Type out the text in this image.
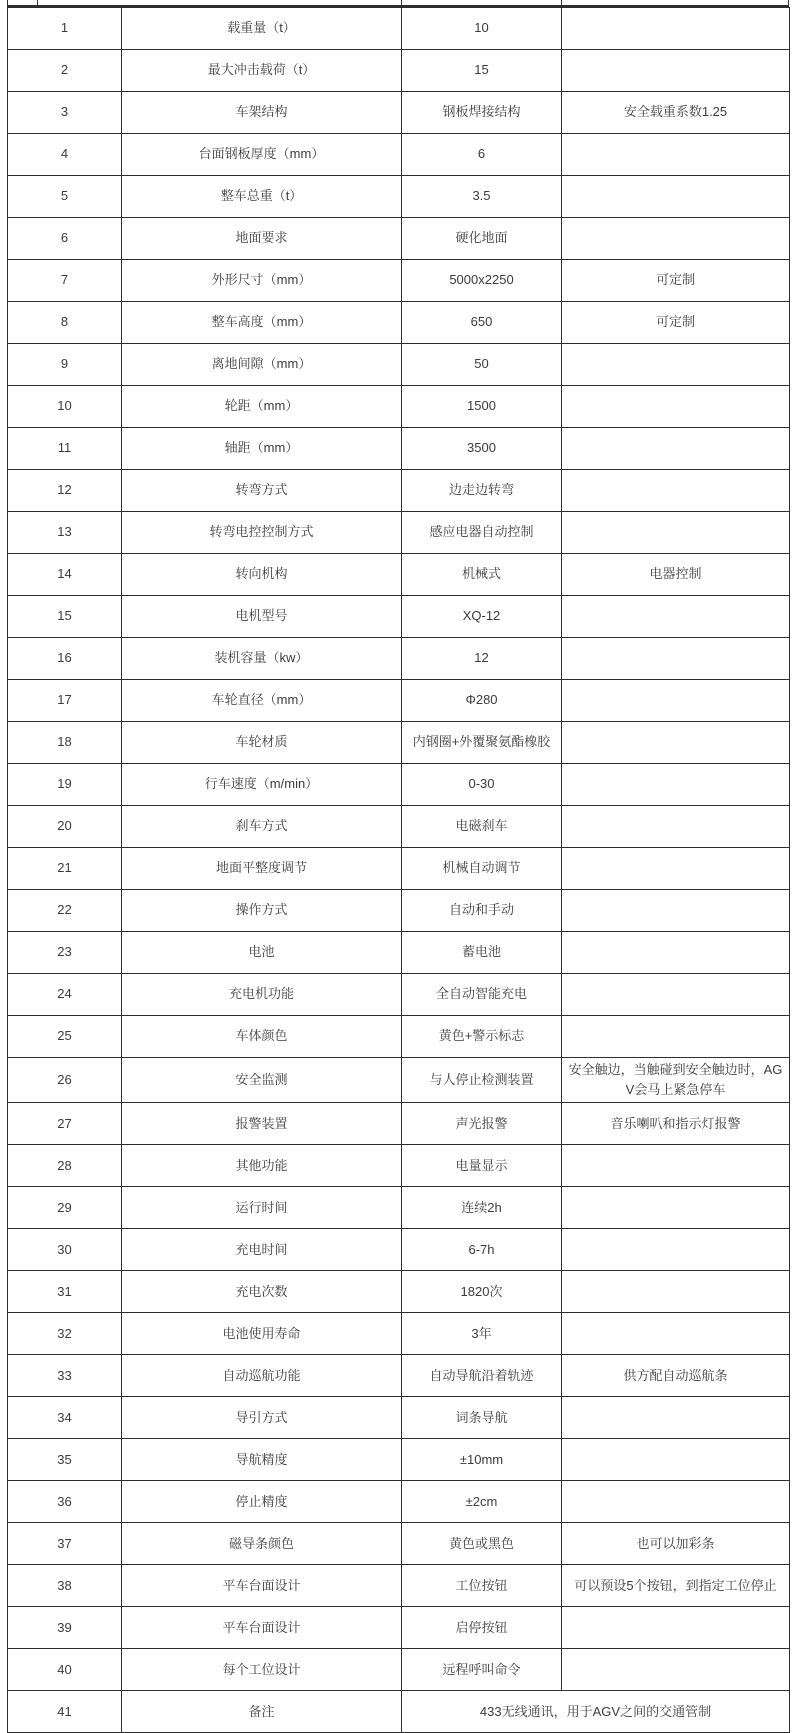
1	载重量（t）	10	
2	最大冲击载荷（t）	15	
3	车架结构	钢板焊接结构	安全载重系数1.25
4	台面钢板厚度（mm）	6	
5	整车总重（t）	3.5	
6	地面要求	硬化地面	
7	外形尺寸（mm）	5000x2250	可定制
8	整车高度（mm）	650	可定制
9	离地间隙（mm）	50	
10	轮距（mm）	1500	
11	轴距（mm）	3500	
12	转弯方式	边走边转弯	
13	转弯电控控制方式	感应电器自动控制	
14	转向机构	机械式	电器控制
15	电机型号	XQ-12	
16	装机容量（kw）	12	
17	车轮直径（mm）	Φ280	
18	车轮材质	内钢圈+外覆聚氨酯橡胶	
19	行车速度（m/min）	0-30	
20	刹车方式	电磁刹车	
21	地面平整度调节	机械自动调节	
22	操作方式	自动和手动	
23	电池	蓄电池	
24	充电机功能	全自动智能充电	
25	车体颜色	黄色+警示标志	
26	安全监测	与人停止检测装置	安全触边，当触碰到安全触边时，AGV会马上紧急停车
27	报警装置	声光报警	音乐喇叭和指示灯报警
28	其他功能	电量显示	
29	运行时间	连续2h	
30	充电时间	6-7h	
31	充电次数	1820次	
32	电池使用寿命	3年	
33	自动巡航功能	自动导航沿着轨迹	供方配自动巡航条
34	导引方式	词条导航	
35	导航精度	±10mm	
36	停止精度	±2cm	
37	磁导条颜色	黄色或黑色	也可以加彩条
38	平车台面设计	工位按钮	可以预设5个按钮，到指定工位停止
39	平车台面设计	启停按钮	
40	每个工位设计	远程呼叫命令	
41	备注	433无线通讯，用于AGV之间的交通管制	
